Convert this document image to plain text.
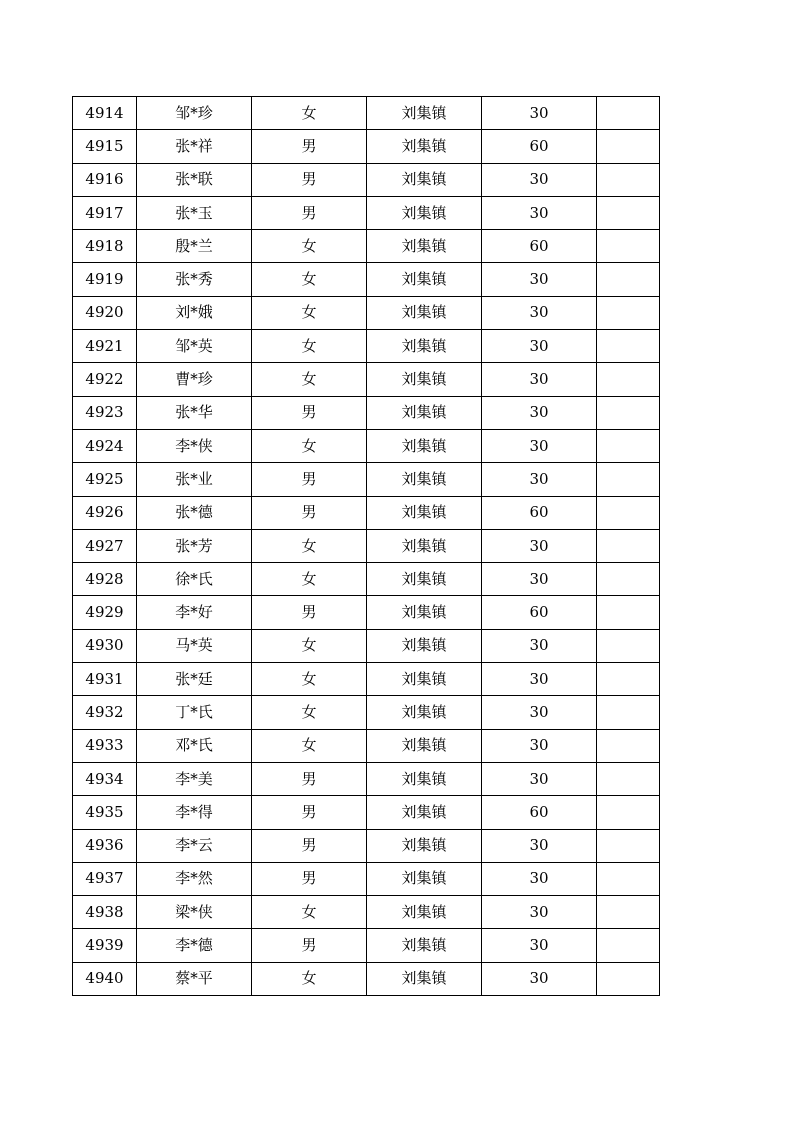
4914	邹*珍	女	刘集镇	30	
4915	张*祥	男	刘集镇	60	
4916	张*联	男	刘集镇	30	
4917	张*玉	男	刘集镇	30	
4918	殷*兰	女	刘集镇	60	
4919	张*秀	女	刘集镇	30	
4920	刘*娥	女	刘集镇	30	
4921	邹*英	女	刘集镇	30	
4922	曹*珍	女	刘集镇	30	
4923	张*华	男	刘集镇	30	
4924	李*侠	女	刘集镇	30	
4925	张*业	男	刘集镇	30	
4926	张*德	男	刘集镇	60	
4927	张*芳	女	刘集镇	30	
4928	徐*氏	女	刘集镇	30	
4929	李*好	男	刘集镇	60	
4930	马*英	女	刘集镇	30	
4931	张*廷	女	刘集镇	30	
4932	丁*氏	女	刘集镇	30	
4933	邓*氏	女	刘集镇	30	
4934	李*美	男	刘集镇	30	
4935	李*得	男	刘集镇	60	
4936	李*云	男	刘集镇	30	
4937	李*然	男	刘集镇	30	
4938	梁*侠	女	刘集镇	30	
4939	李*德	男	刘集镇	30	
4940	蔡*平	女	刘集镇	30	
